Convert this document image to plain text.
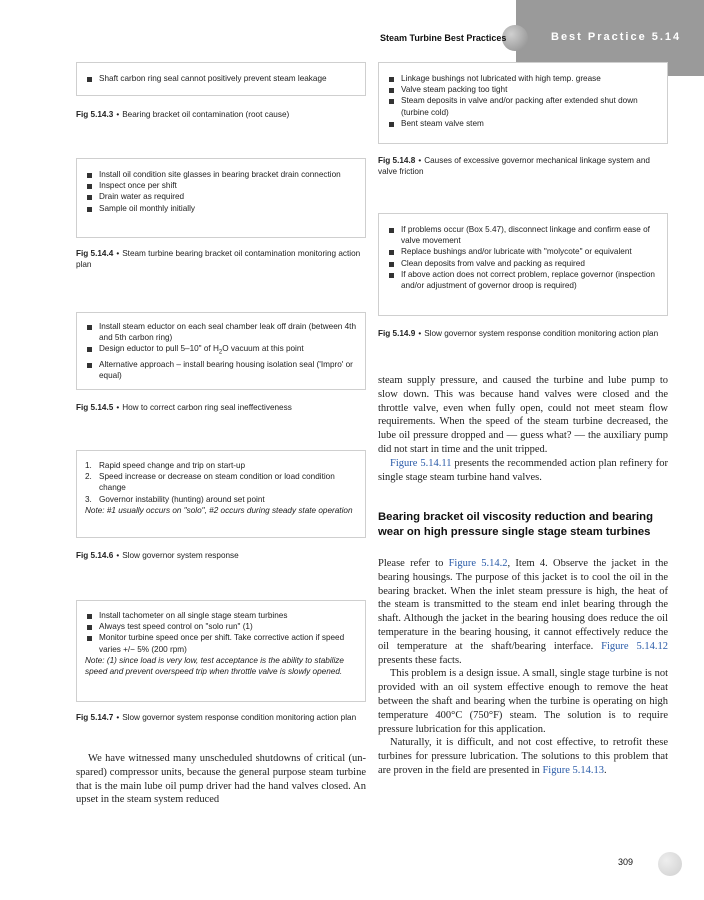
Steam Turbine Best Practices	Best Practice 5.14
Shaft carbon ring seal cannot positively prevent steam leakage
Fig 5.14.3 • Bearing bracket oil contamination (root cause)
Install oil condition site glasses in bearing bracket drain connection
Inspect once per shift
Drain water as required
Sample oil monthly initially
Fig 5.14.4 • Steam turbine bearing bracket oil contamination monitoring action plan
Install steam eductor on each seal chamber leak off drain (between 4th and 5th carbon ring)
Design eductor to pull 5–10" of $H_2O$ vacuum at this point
Alternative approach – install bearing housing isolation seal ('Impro' or equal)
Fig 5.14.5 • How to correct carbon ring seal ineffectiveness
1. Rapid speed change and trip on start-up
2. Speed increase or decrease on steam condition or load condition change
3. Governor instability (hunting) around set point
Note: #1 usually occurs on "solo", #2 occurs during steady state operation
Fig 5.14.6 • Slow governor system response
Install tachometer on all single stage steam turbines
Always test speed control on "solo run" (1)
Monitor turbine speed once per shift. Take corrective action if speed varies +/− 5% (200 rpm)
Note: (1) since load is very low, test acceptance is the ability to stabilize speed and prevent overspeed trip when throttle valve is slowly opened.
Fig 5.14.7 • Slow governor system response condition monitoring action plan

We have witnessed many unscheduled shutdowns of critical (un-spared) compressor units, because the general purpose steam turbine that is the main lube oil pump driver had the hand valves closed. An upset in the steam system reduced

Linkage bushings not lubricated with high temp. grease
Valve steam packing too tight
Steam deposits in valve and/or packing after extended shut down (turbine cold)
Bent steam valve stem
Fig 5.14.8 • Causes of excessive governor mechanical linkage system and valve friction
If problems occur (Box 5.47), disconnect linkage and confirm ease of valve movement
Replace bushings and/or lubricate with "molycote" or equivalent
Clean deposits from valve and packing as required
If above action does not correct problem, replace governor (inspection and/or adjustment of governor droop is required)
Fig 5.14.9 • Slow governor system response condition monitoring action plan

steam supply pressure, and caused the turbine and lube pump to slow down. This was because hand valves were closed and the throttle valve, even when fully open, could not meet steam flow requirements. When the speed of the steam turbine decreased, the lube oil pressure dropped and — guess what? — the auxiliary pump did not start in time and the unit tripped.

Figure 5.14.11 presents the recommended action plan refinery for single stage steam turbine hand valves.

Bearing bracket oil viscosity reduction and bearing wear on high pressure single stage steam turbines

Please refer to Figure 5.14.2, Item 4. Observe the jacket in the bearing housings. The purpose of this jacket is to cool the oil in the bearing bracket. When the inlet steam pressure is high, the heat of the steam is transmitted to the steam end inlet bearing through the shaft. Although the jacket in the bearing housing does reduce the oil temperature in the bearing housing, it cannot effectively reduce the oil temperature at the shaft/bearing interface. Figure 5.14.12 presents these facts.

This problem is a design issue. A small, single stage turbine is not provided with an oil system effective enough to remove the heat between the shaft and bearing when the turbine is operating on high temperature 400°C (750°F) steam. The solution is to require pressure lubrication for this application.

Naturally, it is difficult, and not cost effective, to retrofit these turbines for pressure lubrication. The solutions to this problem that are proven in the field are presented in Figure 5.14.13.

309
